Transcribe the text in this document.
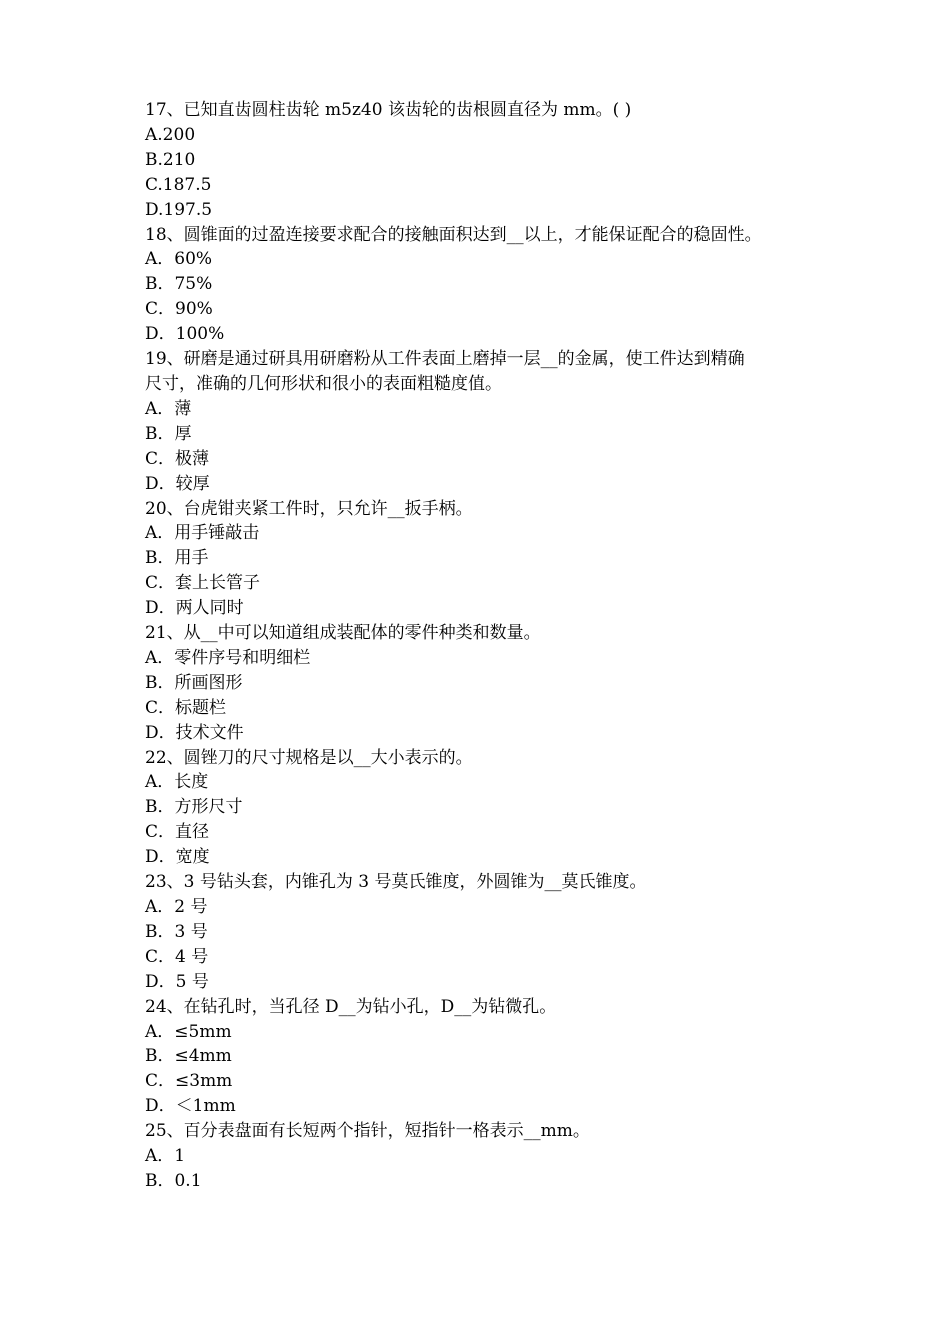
17、已知直齿圆柱齿轮 m5z40 该齿轮的齿根圆直径为 mm。( )
A.200
B.210
C.187.5
D.197.5
18、圆锥面的过盈连接要求配合的接触面积达到__以上，才能保证配合的稳固性。
A．60%
B．75%
C．90%
D．100%
19、研磨是通过研具用研磨粉从工件表面上磨掉一层__的金属，使工件达到精确
尺寸，准确的几何形状和很小的表面粗糙度值。
A．薄
B．厚
C．极薄
D．较厚
20、台虎钳夹紧工件时，只允许__扳手柄。
A．用手锤敲击
B．用手
C．套上长管子
D．两人同时
21、从__中可以知道组成装配体的零件种类和数量。
A．零件序号和明细栏
B．所画图形
C．标题栏
D．技术文件
22、圆锉刀的尺寸规格是以__大小表示的。
A．长度
B．方形尺寸
C．直径
D．宽度
23、3 号钻头套，内锥孔为 3 号莫氏锥度，外圆锥为__莫氏锥度。
A．2 号
B．3 号
C．4 号
D．5 号
24、在钻孔时，当孔径 D__为钻小孔，D__为钻微孔。
A．≤5mm
B．≤4mm
C．≤3mm
D．＜1mm
25、百分表盘面有长短两个指针，短指针一格表示__mm。
A．1
B．0.1
